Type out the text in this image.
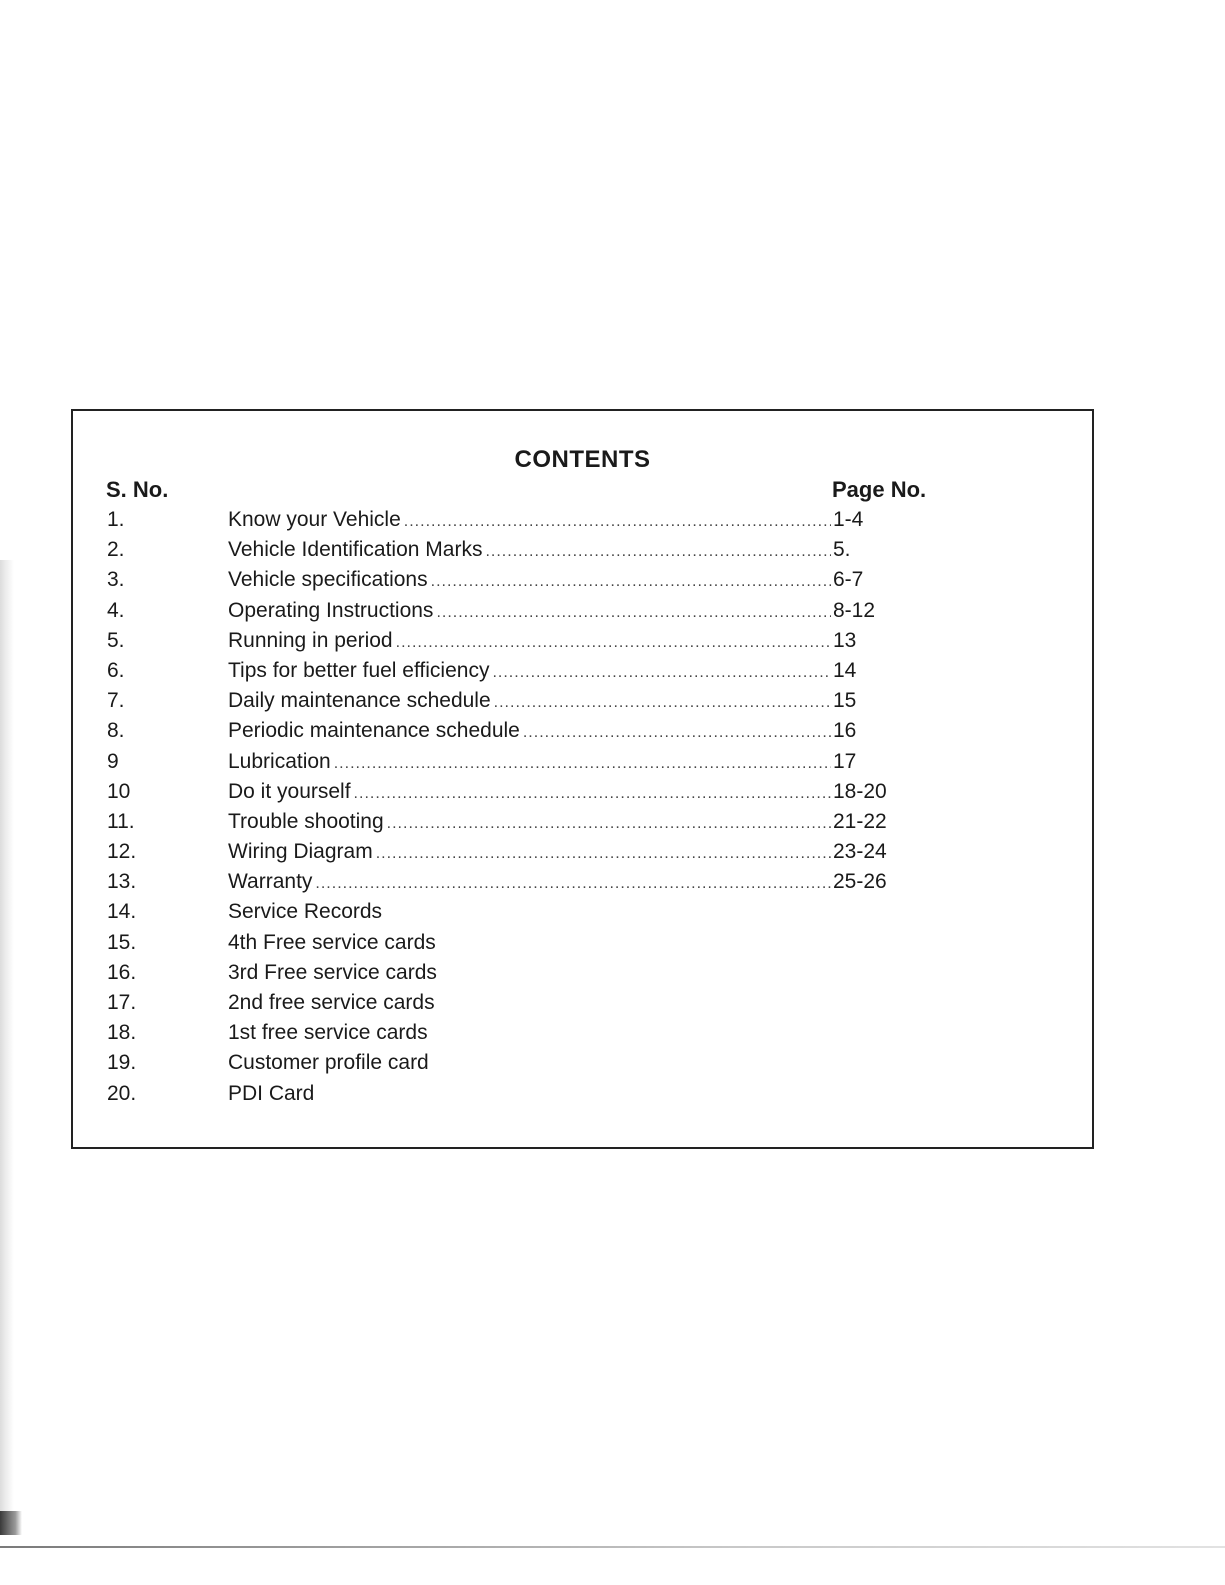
CONTENTS
S. No.	Page No.
1.	Know your Vehicle .....	1-4
2.	Vehicle Identification Marks .....	5.
3.	Vehicle specifications .....	6-7
4.	Operating Instructions .....	8-12
5.	Running in period .....	13
6.	Tips for better fuel efficiency .....	14
7.	Daily maintenance schedule .....	15
8.	Periodic maintenance schedule .....	16
9	Lubrication .....	17
10	Do it yourself .....	18-20
11.	Trouble shooting .....	21-22
12.	Wiring Diagram .....	23-24
13.	Warranty .....	25-26
14.	Service Records
15.	4th Free service cards
16.	3rd Free service cards
17.	2nd free service cards
18.	1st free service cards
19.	Customer profile card
20.	PDI Card
